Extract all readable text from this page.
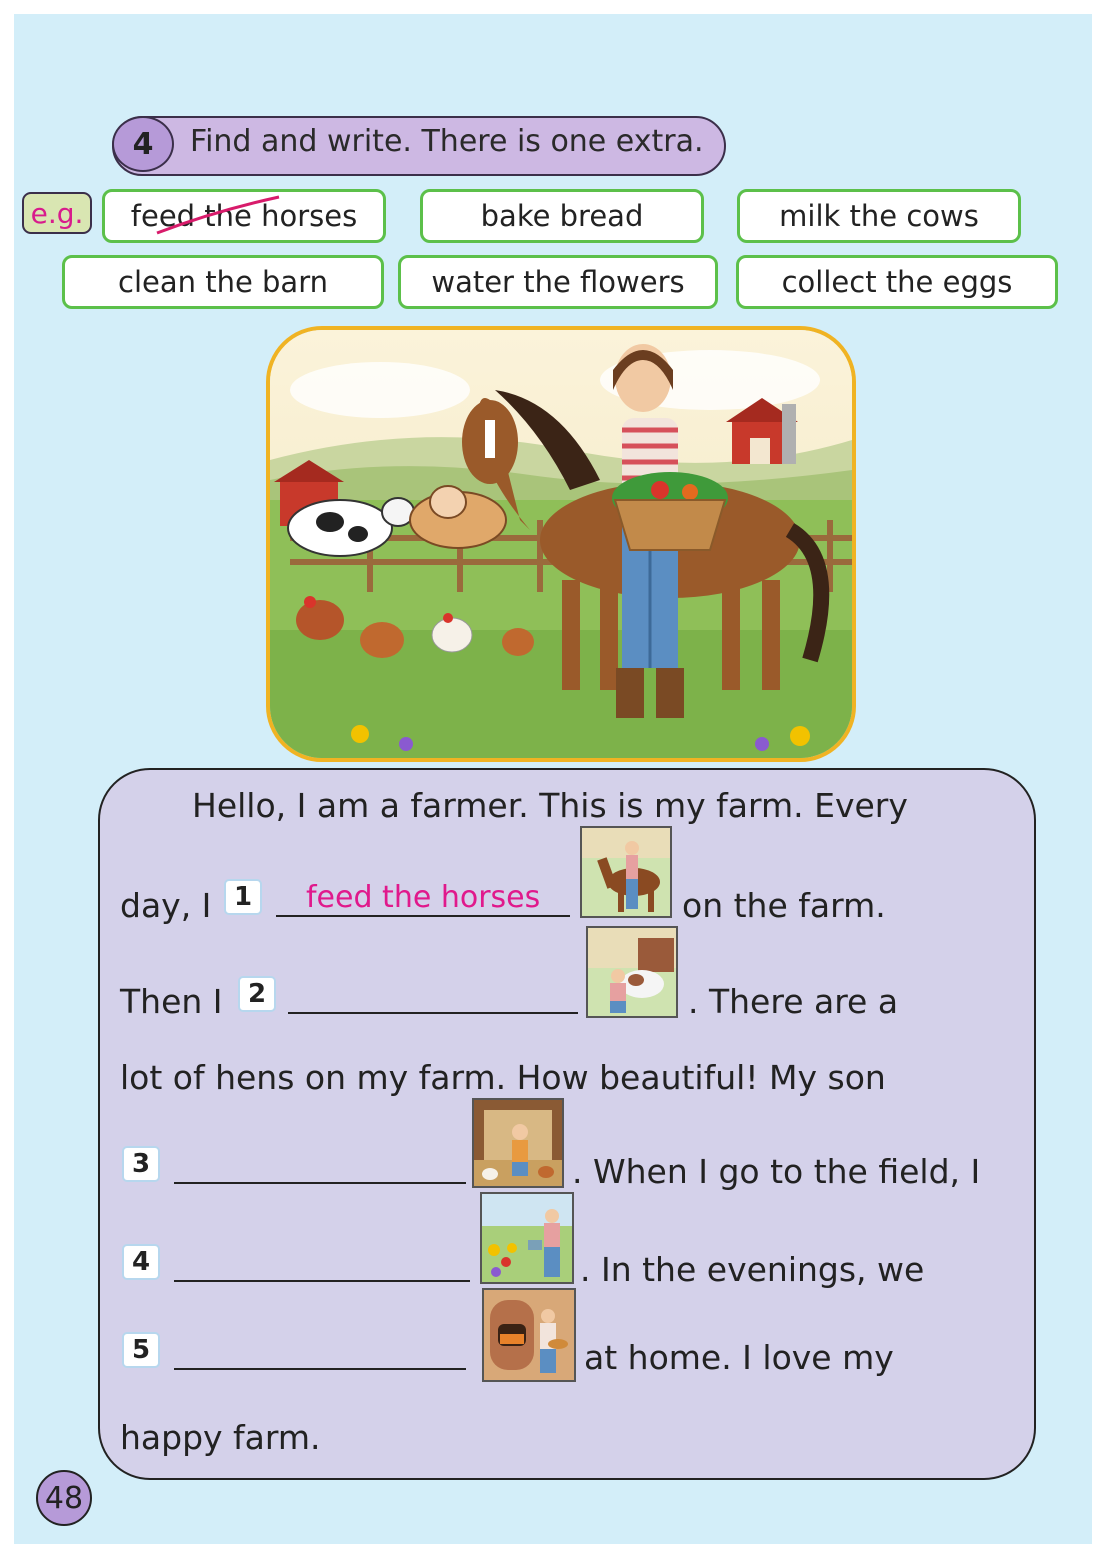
4	Find and write. There is one extra.
e.g. feed the horses	bake bread	milk the cows
clean the barn	water the flowers	collect the eggs
Hello, I am a farmer. This is my farm. Every
day, I 1	feed the horses	on the farm.
Then I 2	. There are a
lot of hens on my farm. How beautiful! My son
3	. When I go to the field, I
4	. In the evenings, we
5	at home. I love my
happy farm.
48
